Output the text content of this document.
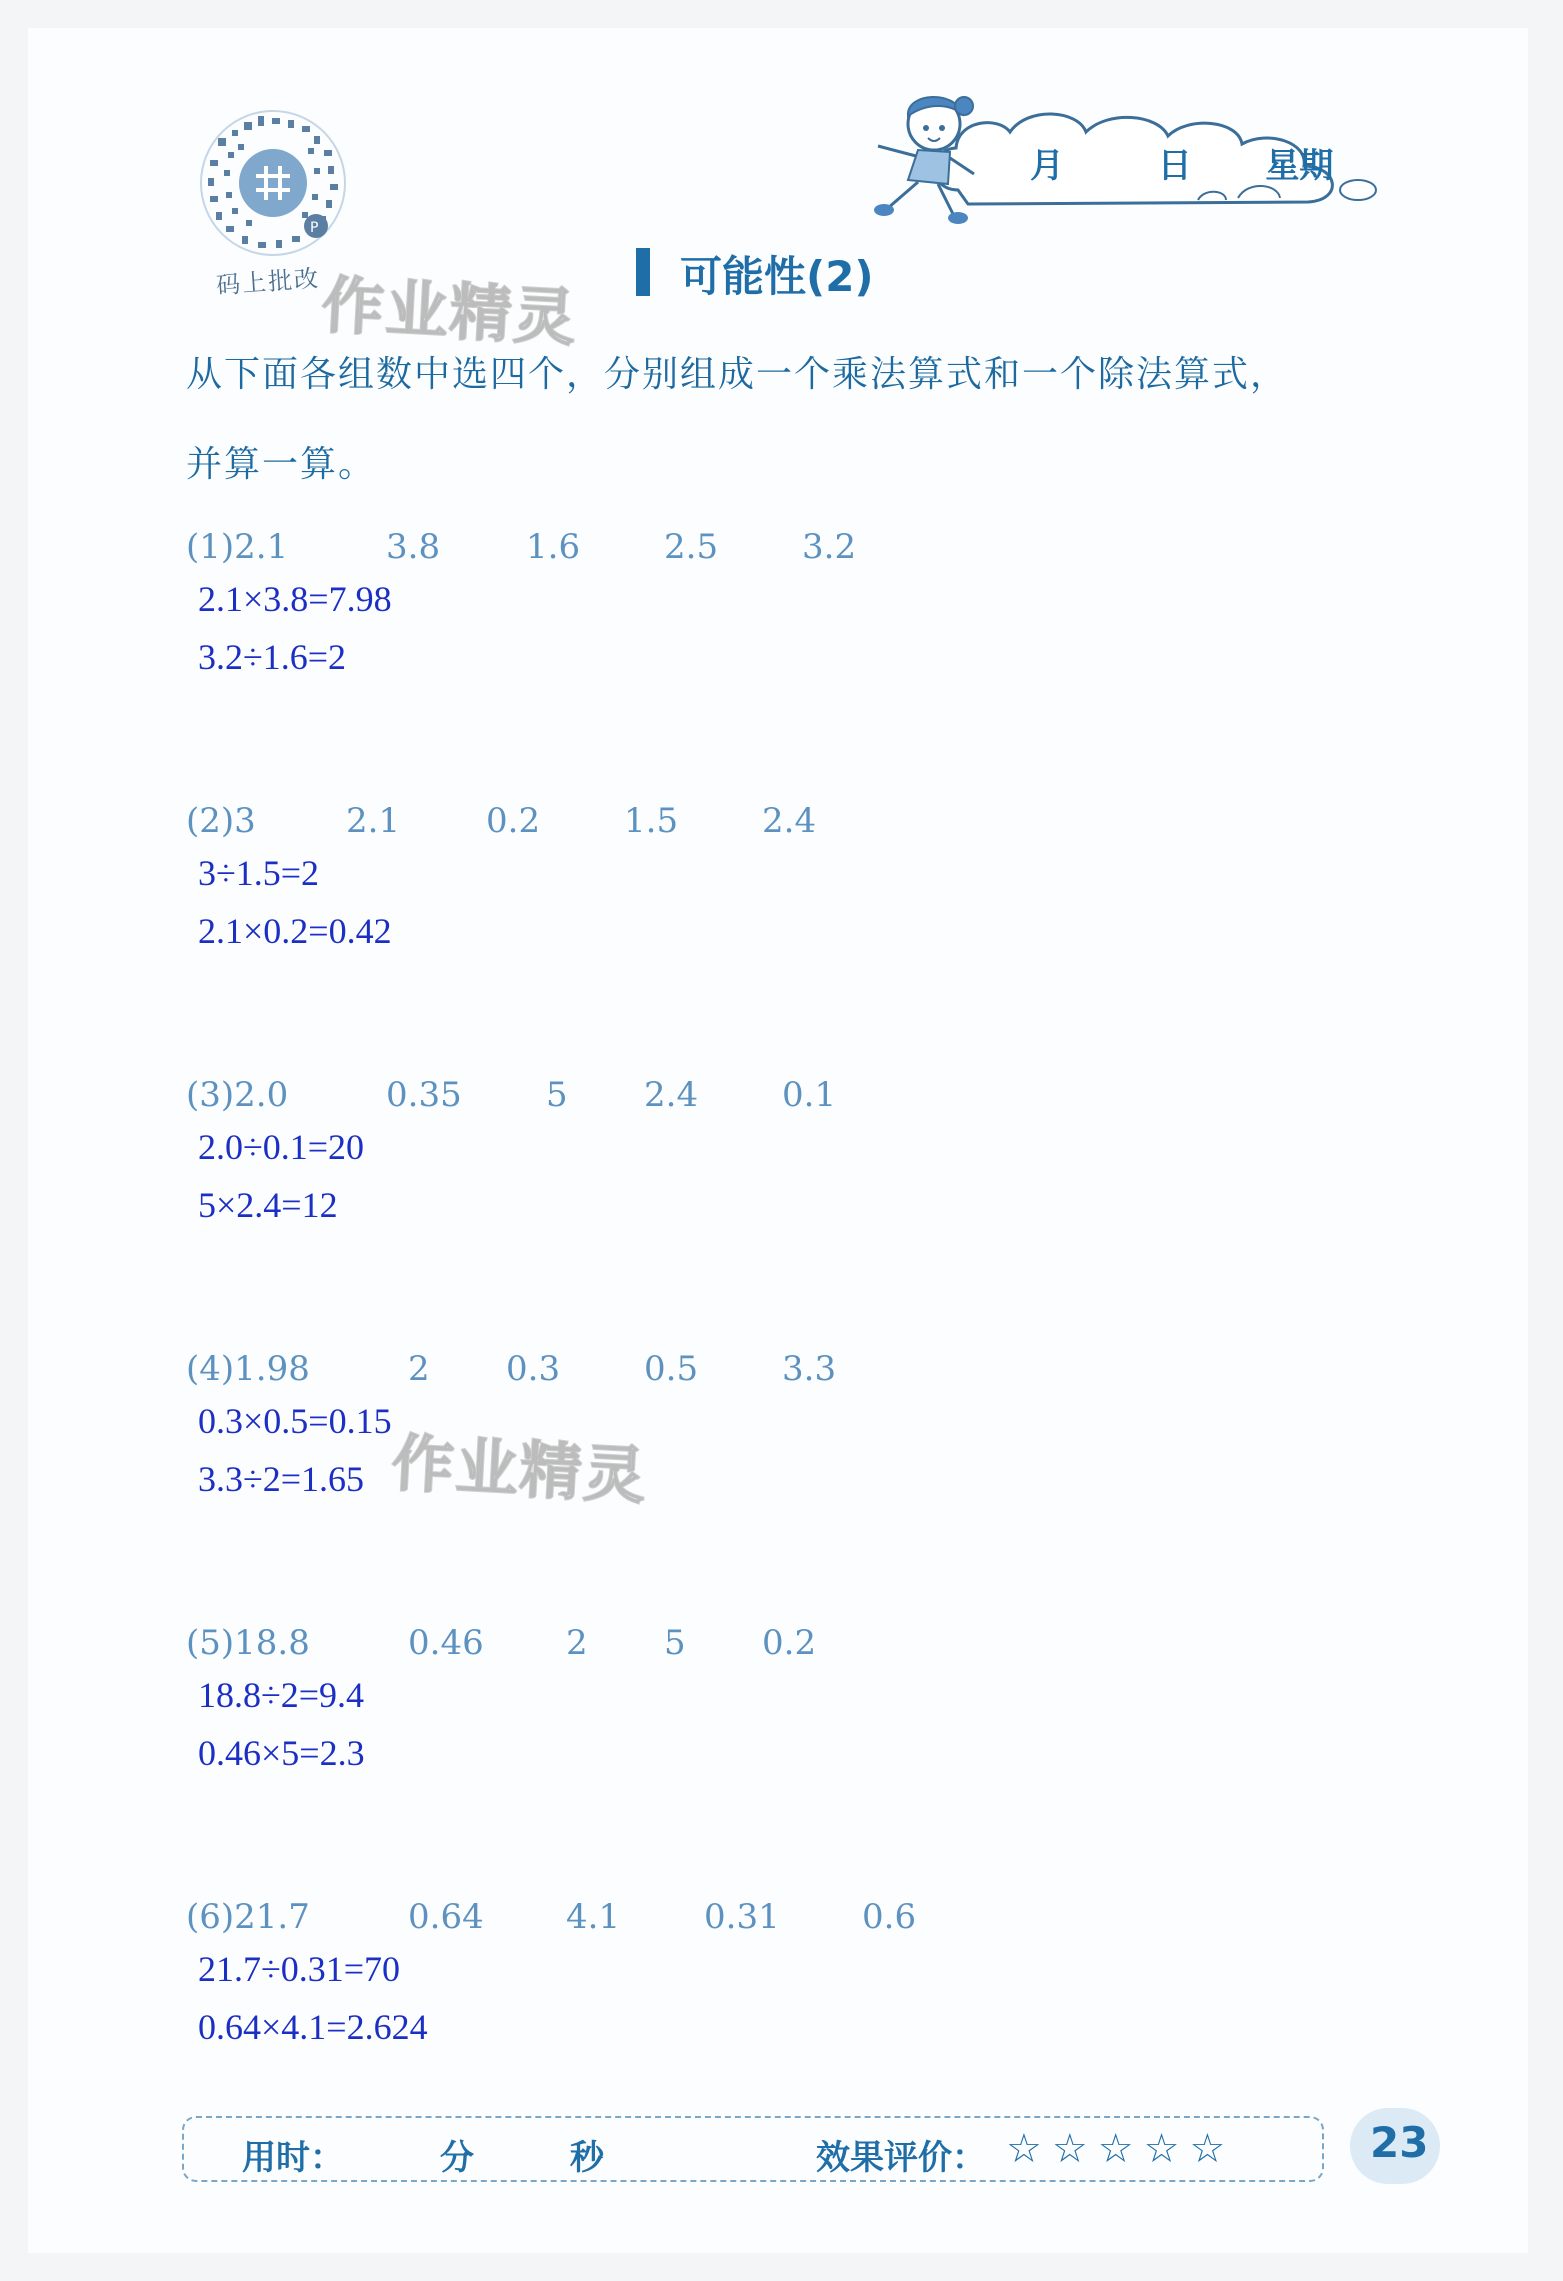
P
码上批改
作业精灵
作业精灵
月	日 星期
可能性(2)
从下面各组数中选四个，分别组成一个乘法算式和一个除法算式，
并算一算。
(1)2.1	3.8	1.6 2.5 3.2
2.1×3.8=7.98
3.2÷1.6=2
(2)3	2.1	0.2 1.5 2.4
3÷1.5=2
2.1×0.2=0.42
(3)2.0	0.35 5 2.4 0.1
2.0÷0.1=20
5×2.4=12
(4)1.98	2 0.3 0.5 3.3
0.3×0.5=0.15
3.3÷2=1.65
(5)18.8	0.46 2 5 0.2
18.8÷2=9.4
0.46×5=2.3
(6)21.7	0.64 4.1 0.31 0.6
21.7÷0.31=70
0.64×4.1=2.624
用时：	分	秒	效果评价： ☆☆☆☆☆	23
